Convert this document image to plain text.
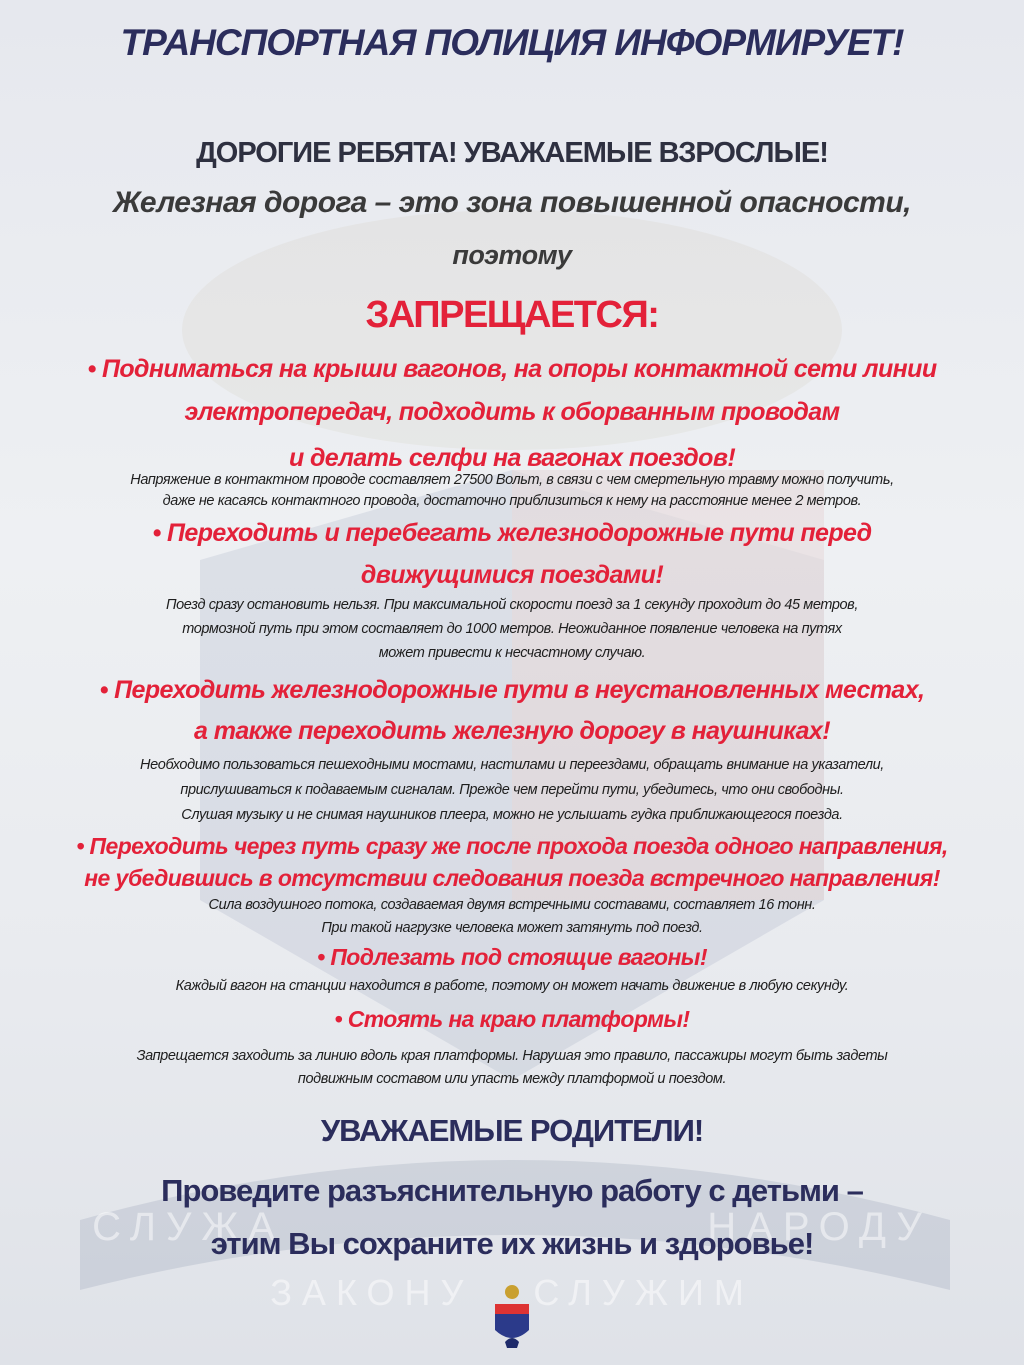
СЛУЖА	НАРОДУ
ЗАКОНУ СЛУЖИМ
ТРАНСПОРТНАЯ ПОЛИЦИЯ ИНФОРМИРУЕТ!
ДОРОГИЕ РЕБЯТА! УВАЖАЕМЫЕ ВЗРОСЛЫЕ!
Железная дорога – это зона повышенной опасности,
поэтому
ЗАПРЕЩАЕТСЯ:
• Подниматься на крыши вагонов, на опоры контактной сети линии
электропередач, подходить к оборванным проводам
и делать селфи на вагонах поездов!
Напряжение в контактном проводе составляет 27500 Вольт, в связи с чем смертельную травму можно получить,
даже не касаясь контактного провода, достаточно приблизиться к нему на расстояние менее 2 метров.
• Переходить и перебегать железнодорожные пути перед
движущимися поездами!
Поезд сразу остановить нельзя. При максимальной скорости поезд за 1 секунду проходит до 45 метров,
тормозной путь при этом составляет до 1000 метров. Неожиданное появление человека на путях
может привести к несчастному случаю.
• Переходить железнодорожные пути в неустановленных местах,
а также переходить железную дорогу в наушниках!
Необходимо пользоваться пешеходными мостами, настилами и переездами, обращать внимание на указатели,
прислушиваться к подаваемым сигналам. Прежде чем перейти пути, убедитесь, что они свободны.
Слушая музыку и не снимая наушников плеера, можно не услышать гудка приближающегося поезда.
• Переходить через путь сразу же после прохода поезда одного направления,
не убедившись в отсутствии следования поезда встречного направления!
Сила воздушного потока, создаваемая двумя встречными составами, составляет 16 тонн.
При такой нагрузке человека может затянуть под поезд.
• Подлезать под стоящие вагоны!
Каждый вагон на станции находится в работе, поэтому он может начать движение в любую секунду.
• Стоять на краю платформы!
Запрещается заходить за линию вдоль края платформы. Нарушая это правило, пассажиры могут быть задеты
подвижным составом или упасть между платформой и поездом.
УВАЖАЕМЫЕ РОДИТЕЛИ!
Проведите разъяснительную работу с детьми –
этим Вы сохраните их жизнь и здоровье!
